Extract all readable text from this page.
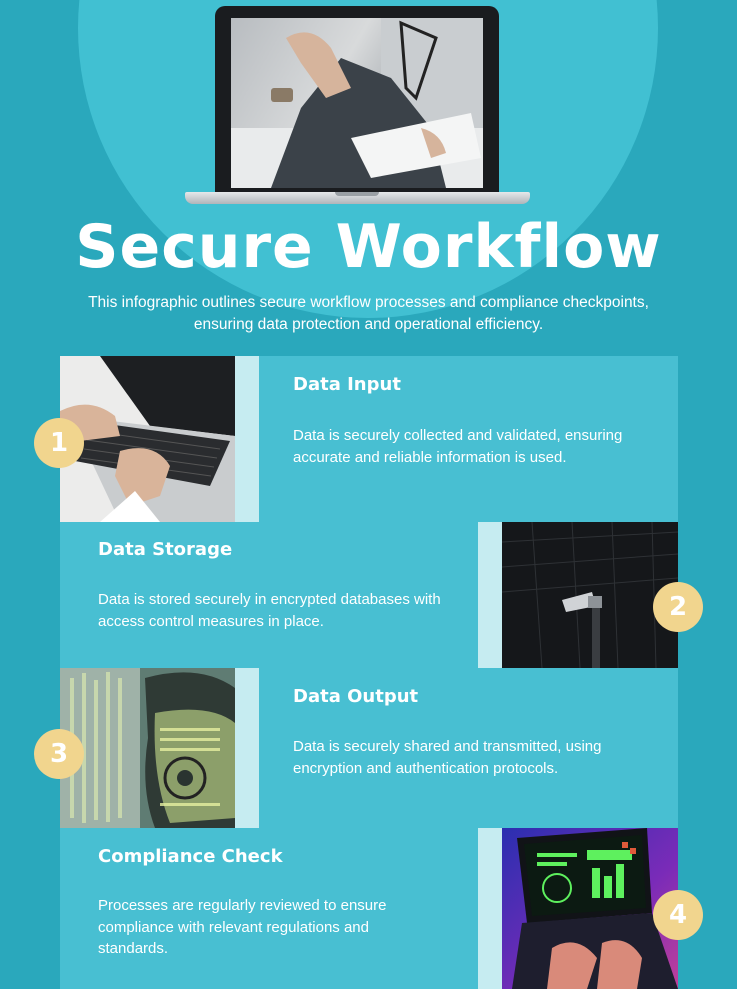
Secure Workflow

This infographic outlines secure workflow processes and compliance checkpoints, ensuring data protection and operational efficiency.

1
Data Input

Data is securely collected and validated, ensuring accurate and reliable information is used.

Data Storage

Data is stored securely in encrypted databases with access control measures in place.	2
3
Data Output

Data is securely shared and transmitted, using encryption and authentication protocols.

Compliance Check

Processes are regularly reviewed to ensure compliance with relevant regulations and standards.

4
